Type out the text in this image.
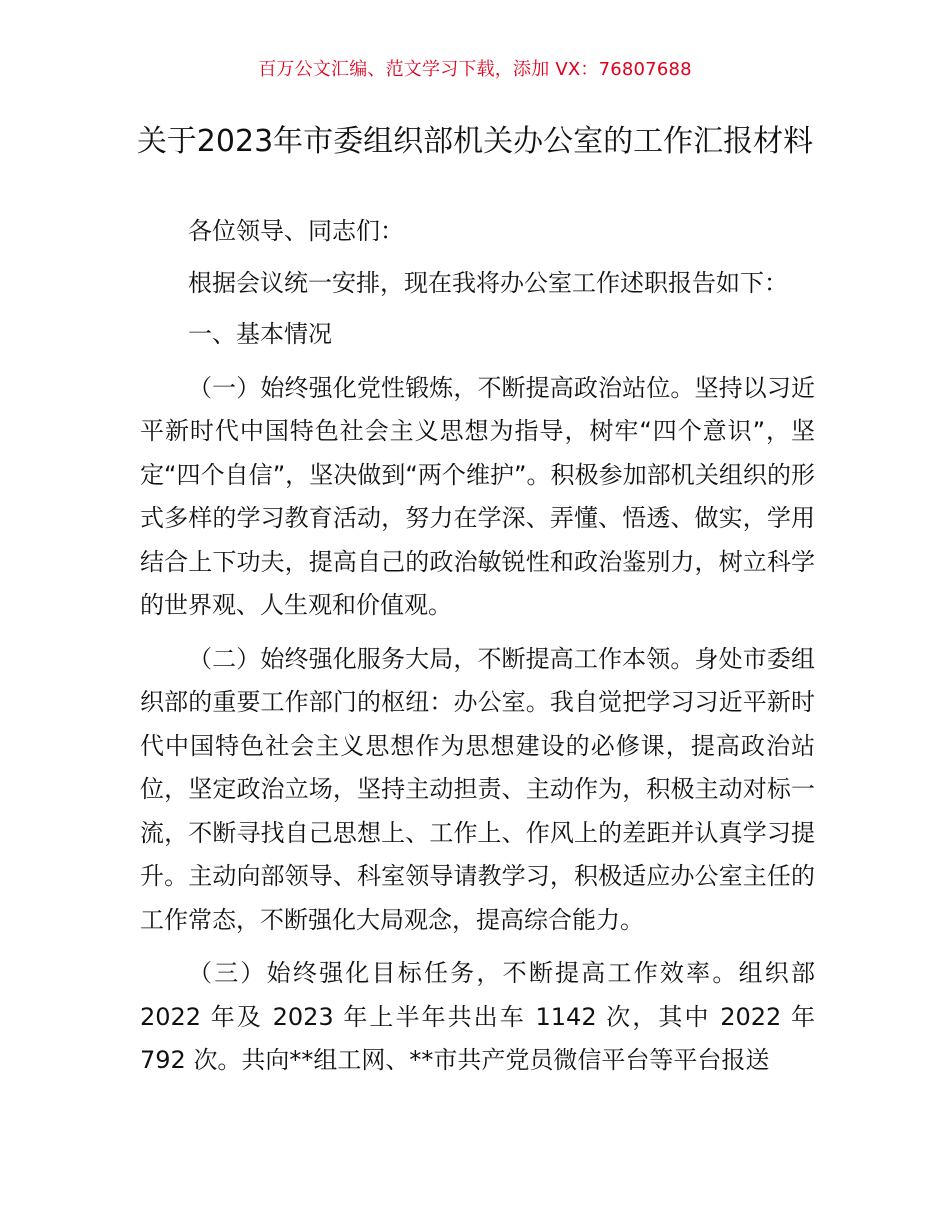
百万公文汇编、范文学习下载，添加 VX：76807688
关于2023年市委组织部机关办公室的工作汇报材料

各位领导、同志们：

根据会议统一安排，现在我将办公室工作述职报告如下：

一、基本情况

（一）始终强化党性锻炼，不断提高政治站位。坚持以习近平新时代中国特色社会主义思想为指导，树牢“四个意识”，坚定“四个自信”，坚决做到“两个维护”。积极参加部机关组织的形式多样的学习教育活动，努力在学深、弄懂、悟透、做实，学用结合上下功夫，提高自己的政治敏锐性和政治鉴别力，树立科学的世界观、人生观和价值观。

（二）始终强化服务大局，不断提高工作本领。身处市委组织部的重要工作部门的枢纽：办公室。我自觉把学习习近平新时代中国特色社会主义思想作为思想建设的必修课，提高政治站位，坚定政治立场，坚持主动担责、主动作为，积极主动对标一流，不断寻找自己思想上、工作上、作风上的差距并认真学习提升。主动向部领导、科室领导请教学习，积极适应办公室主任的工作常态，不断强化大局观念，提高综合能力。

（三）始终强化目标任务，不断提高工作效率。组织部2022 年及 2023 年上半年共出车 1142 次，其中 2022 年792 次。共向**组工网、**市共产党员微信平台等平台报送
